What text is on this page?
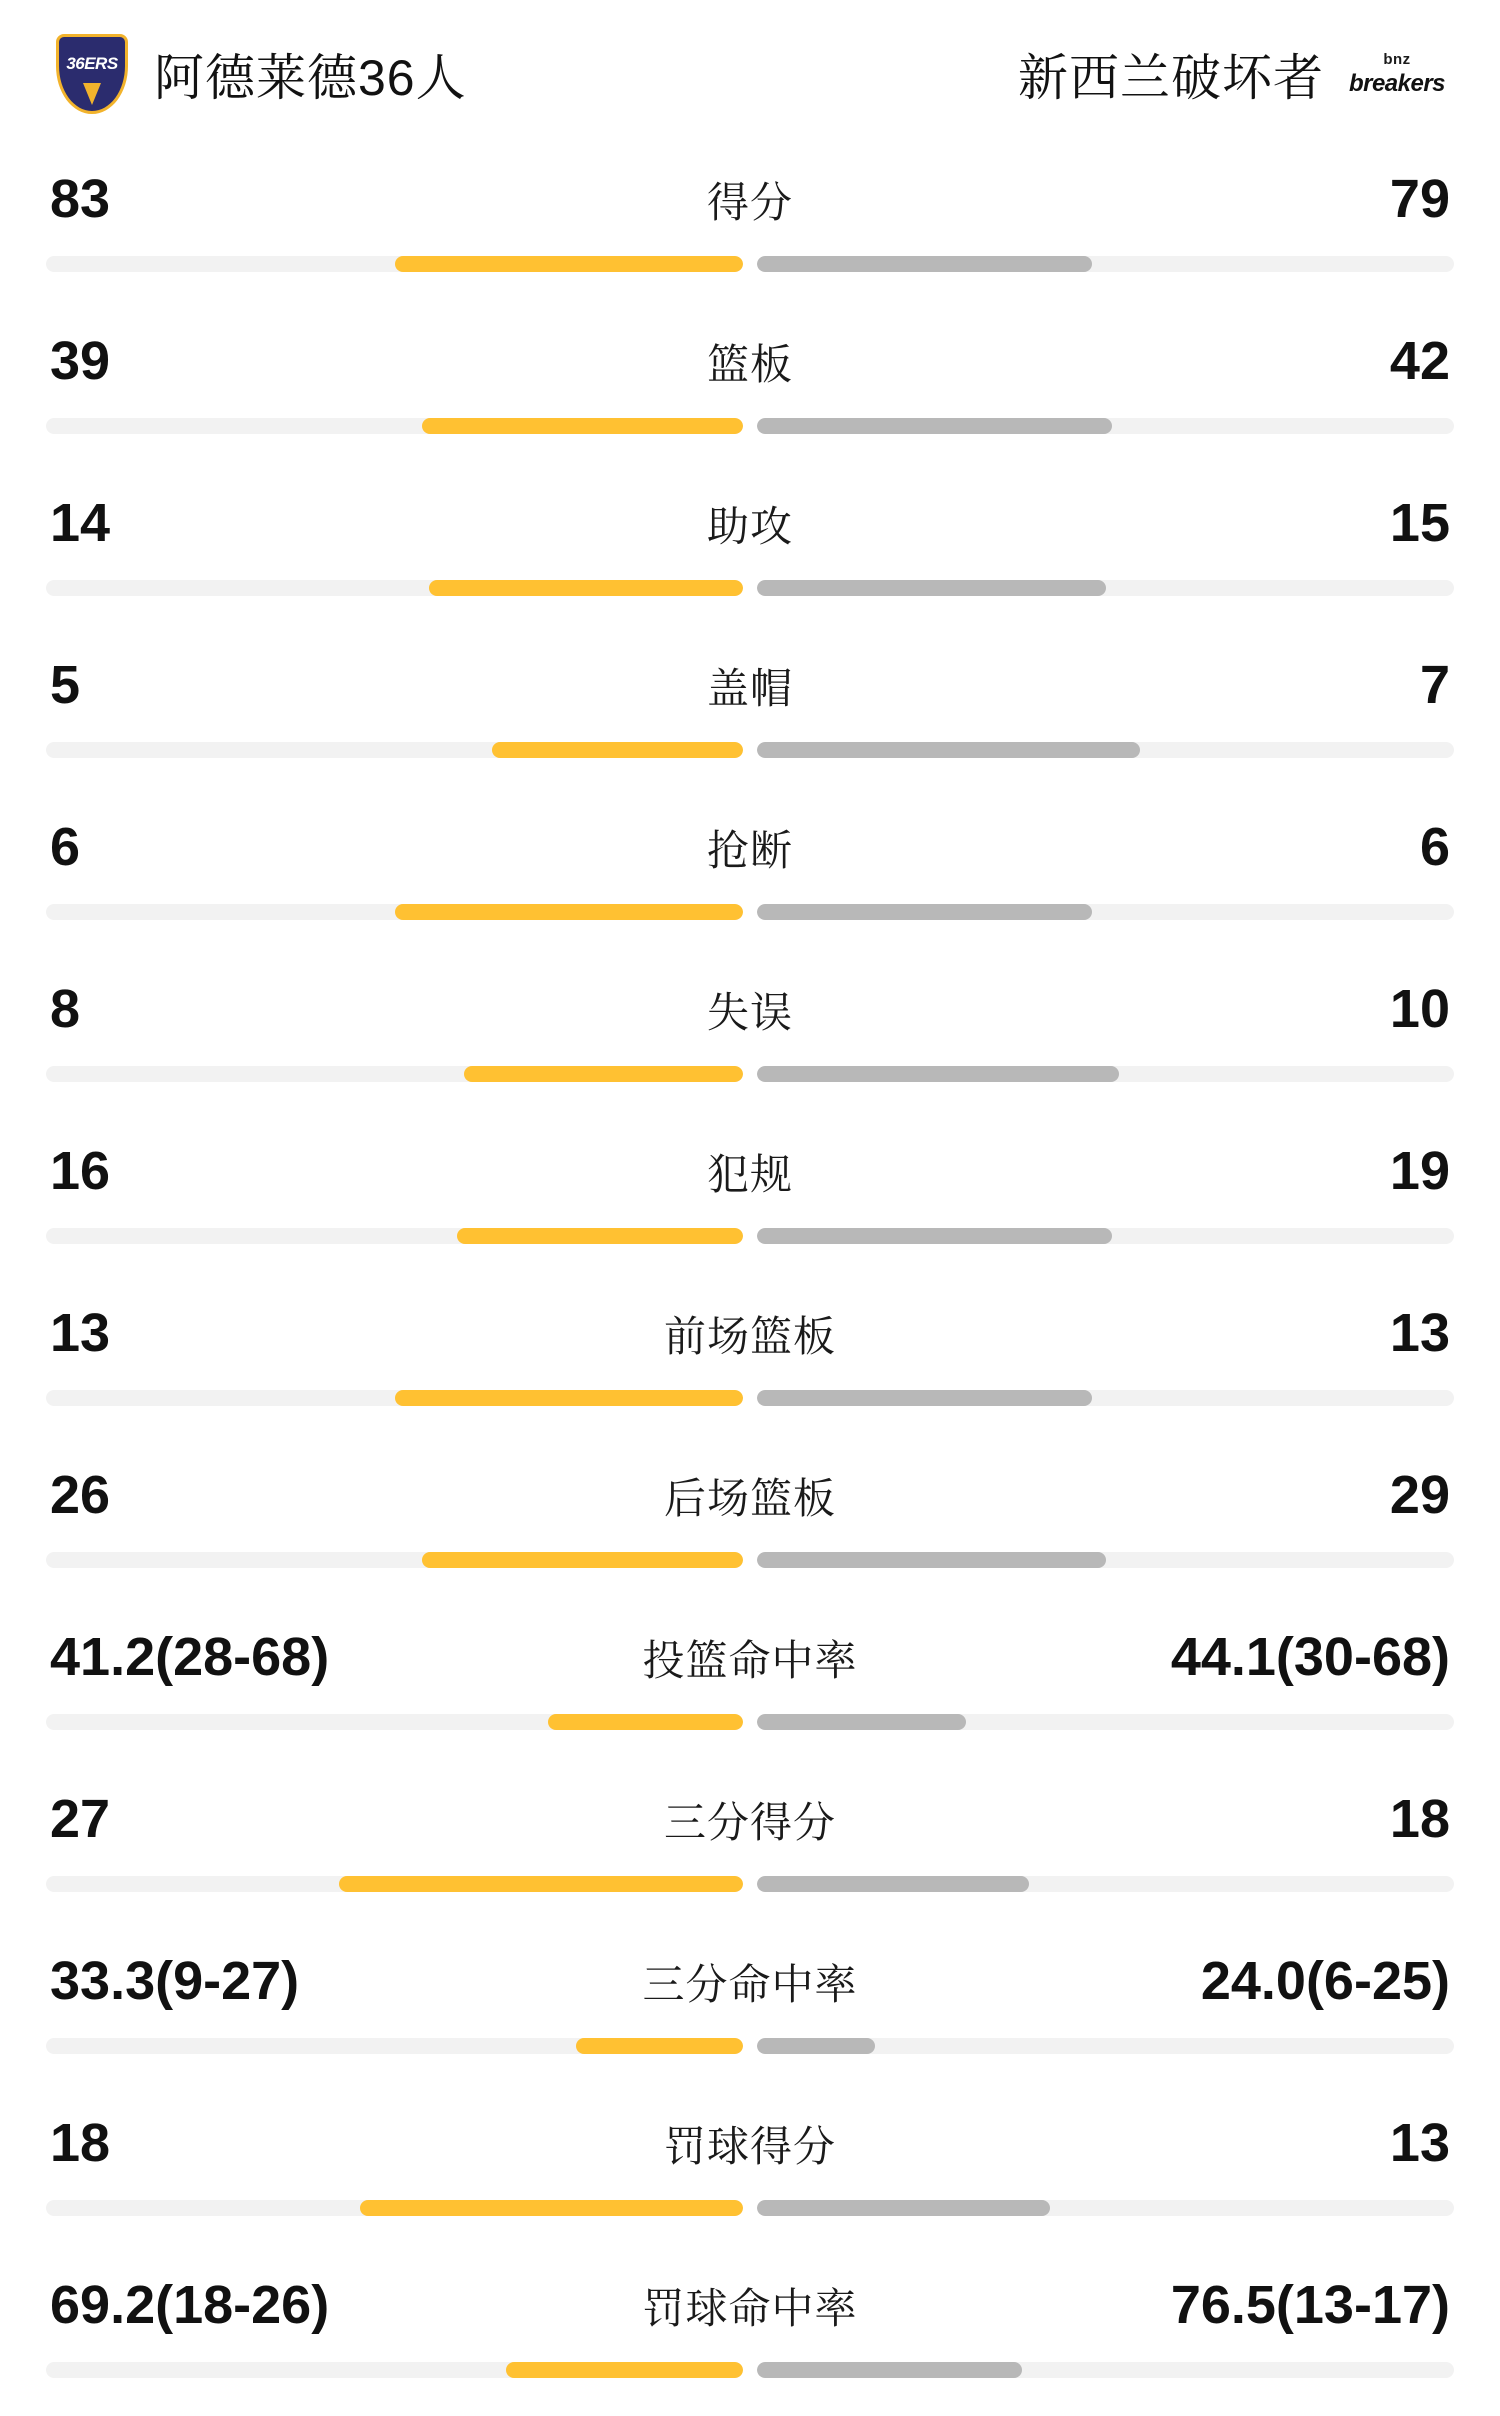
36ERS 阿德莱德36人	新西兰破坏者	bnz
breakers
83	得分	79
39	篮板	42
14	助攻	15
5	盖帽	7
6	抢断	6
8	失误	10
16	犯规	19
13	前场篮板	13
26	后场篮板	29
41.2(28-68)	投篮命中率	44.1(30-68)
27	三分得分	18
33.3(9-27)	三分命中率	24.0(6-25)
18	罚球得分	13
69.2(18-26)	罚球命中率	76.5(13-17)
